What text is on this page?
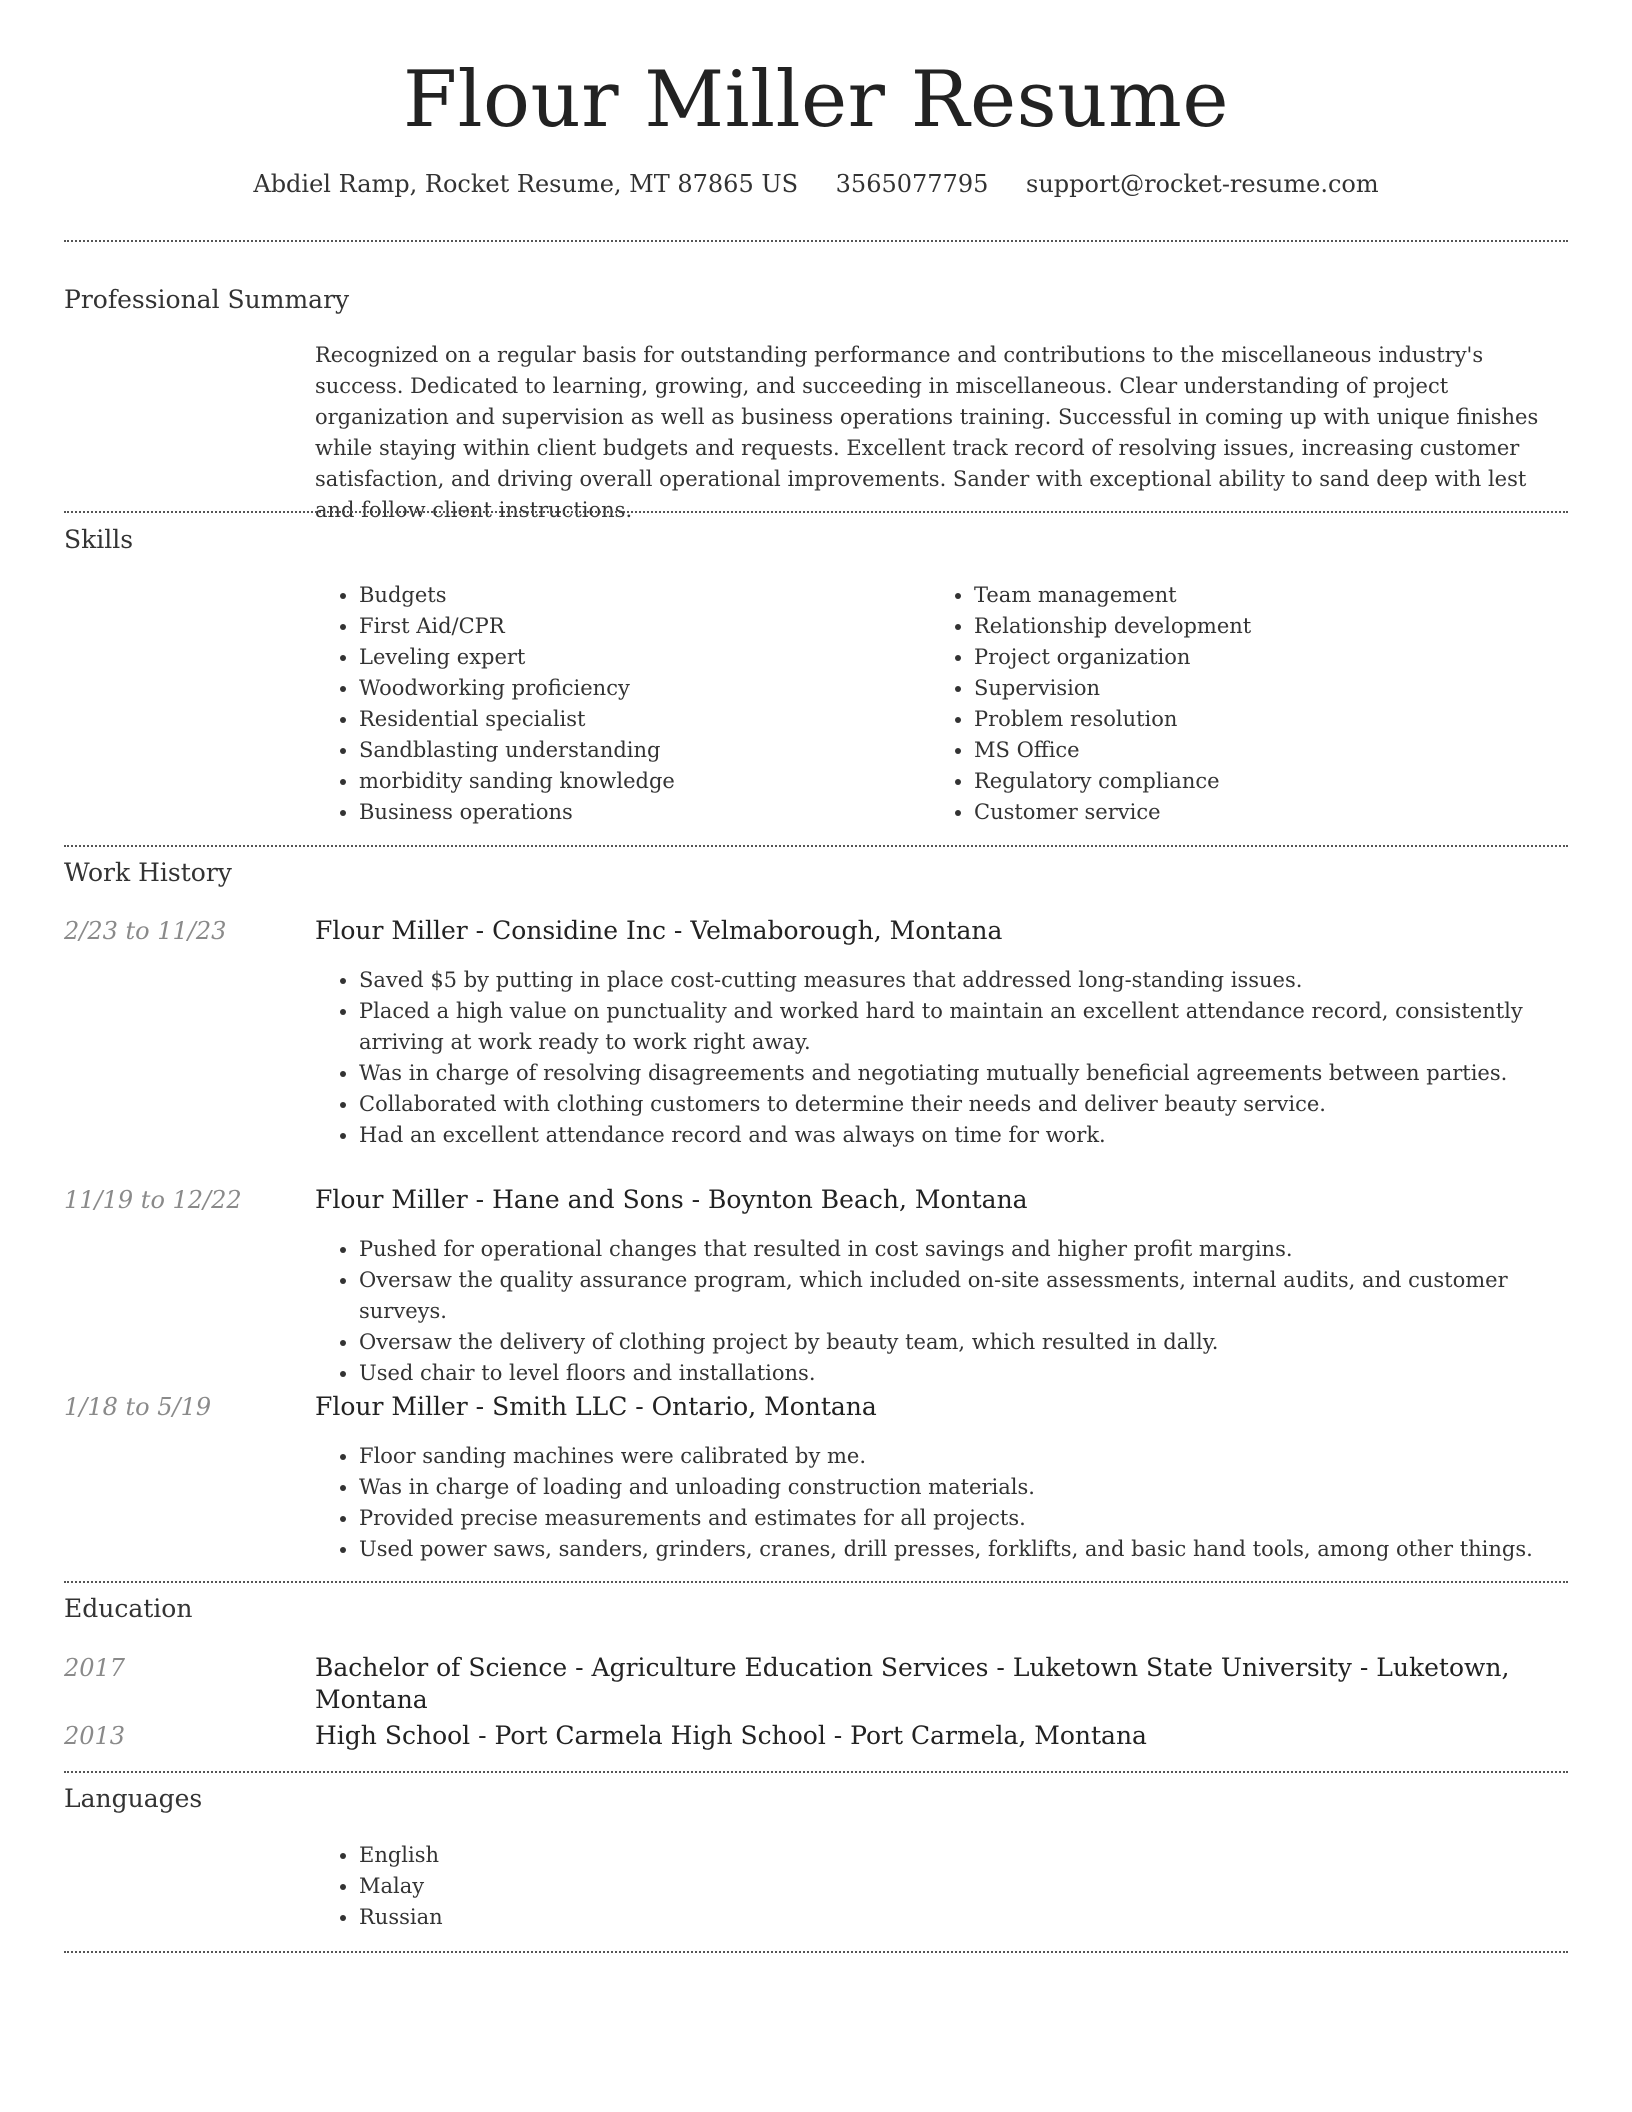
Flour Miller Resume
Abdiel Ramp, Rocket Resume, MT 87865 US 3565077795 support@rocket-resume.com
Professional Summary

Recognized on a regular basis for outstanding performance and contributions to the miscellaneous industry's success. Dedicated to learning, growing, and succeeding in miscellaneous. Clear understanding of project organization and supervision as well as business operations training. Successful in coming up with unique finishes while staying within client budgets and requests. Excellent track record of resolving issues, increasing customer satisfaction, and driving overall operational improvements. Sander with exceptional ability to sand deep with lest and follow client instructions.

Skills
• Budgets
• First Aid/CPR
• Leveling expert
• Woodworking proficiency
• Residential specialist
• Sandblasting understanding
• morbidity sanding knowledge
• Business operations
• Team management
• Relationship development
• Project organization
• Supervision
• Problem resolution
• MS Office
• Regulatory compliance
• Customer service
Work History
2/23 to 11/23	Flour Miller - Considine Inc - Velmaborough, Montana
• Saved $5 by putting in place cost-cutting measures that addressed long-standing issues.
• Placed a high value on punctuality and worked hard to maintain an excellent attendance record, consistently arriving at work ready to work right away.
• Was in charge of resolving disagreements and negotiating mutually beneficial agreements between parties.
• Collaborated with clothing customers to determine their needs and deliver beauty service.
• Had an excellent attendance record and was always on time for work.
11/19 to 12/22	Flour Miller - Hane and Sons - Boynton Beach, Montana
• Pushed for operational changes that resulted in cost savings and higher profit margins.
• Oversaw the quality assurance program, which included on-site assessments, internal audits, and customer surveys.
• Oversaw the delivery of clothing project by beauty team, which resulted in dally.
• Used chair to level floors and installations.
1/18 to 5/19	Flour Miller - Smith LLC - Ontario, Montana
• Floor sanding machines were calibrated by me.
• Was in charge of loading and unloading construction materials.
• Provided precise measurements and estimates for all projects.
• Used power saws, sanders, grinders, cranes, drill presses, forklifts, and basic hand tools, among other things.
Education
2017	Bachelor of Science - Agriculture Education Services - Luketown State University - Luketown, Montana
2013	High School - Port Carmela High School - Port Carmela, Montana
Languages
• English
• Malay
• Russian
